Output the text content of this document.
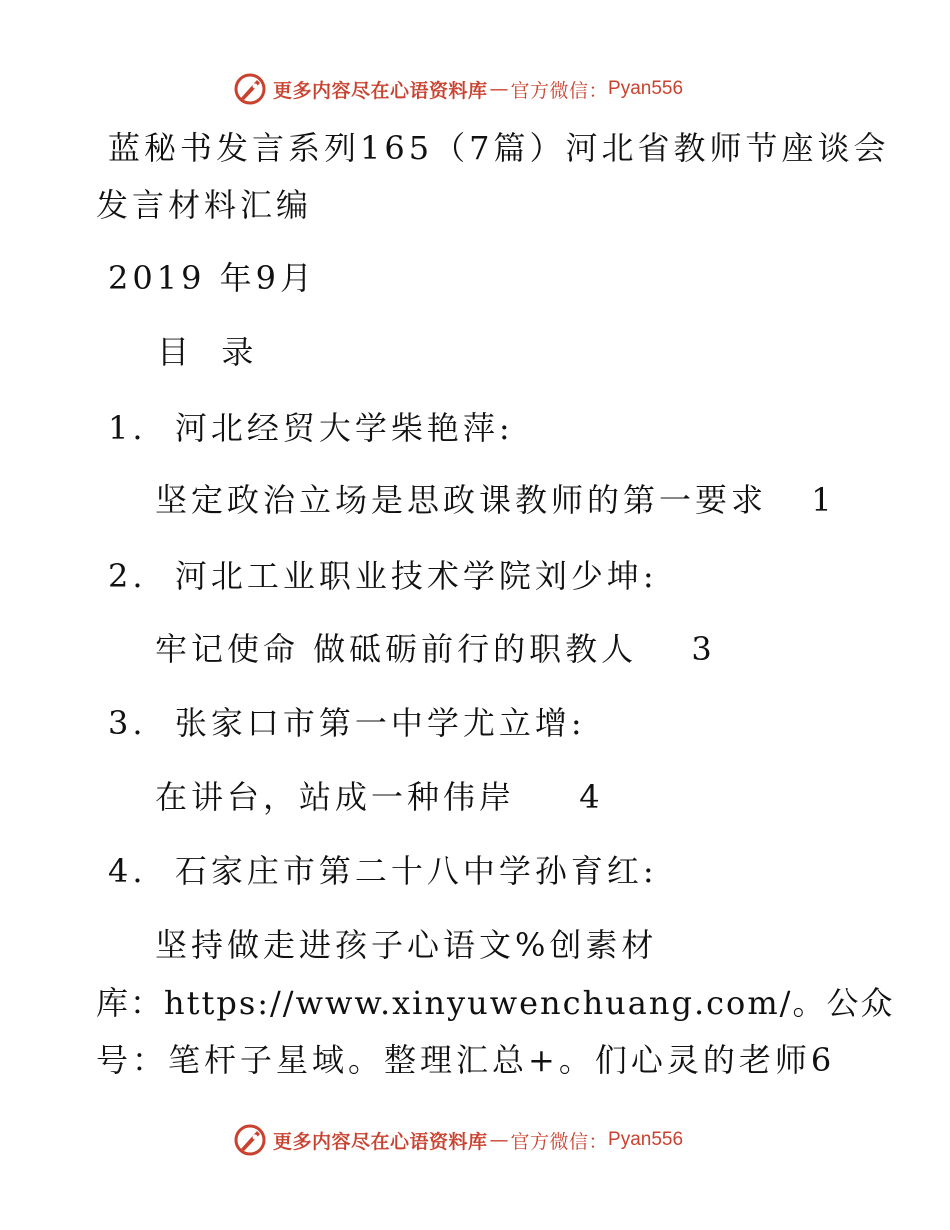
更多内容尽在心语资料库 — 官方微信： Pyan556
蓝秘书发言系列165（7篇）河北省教师节座谈会
发言材料汇编
2019 年9月
目  录
1.  河北经贸大学柴艳萍:
坚定政治立场是思政课教师的第一要求 1
2.  河北工业职业技术学院刘少坤:
牢记使命 做砥砺前行的职教人 3
3.  张家口市第一中学尤立增:
在讲台，站成一种伟岸 4
4.  石家庄市第二十八中学孙育红:
坚持做走进孩子心语文%创素材
库：https://www.xinyuwenchuang.com/。公众
号：笔杆子星域。整理汇总+。们心灵的老师6
更多内容尽在心语资料库 — 官方微信： Pyan556
